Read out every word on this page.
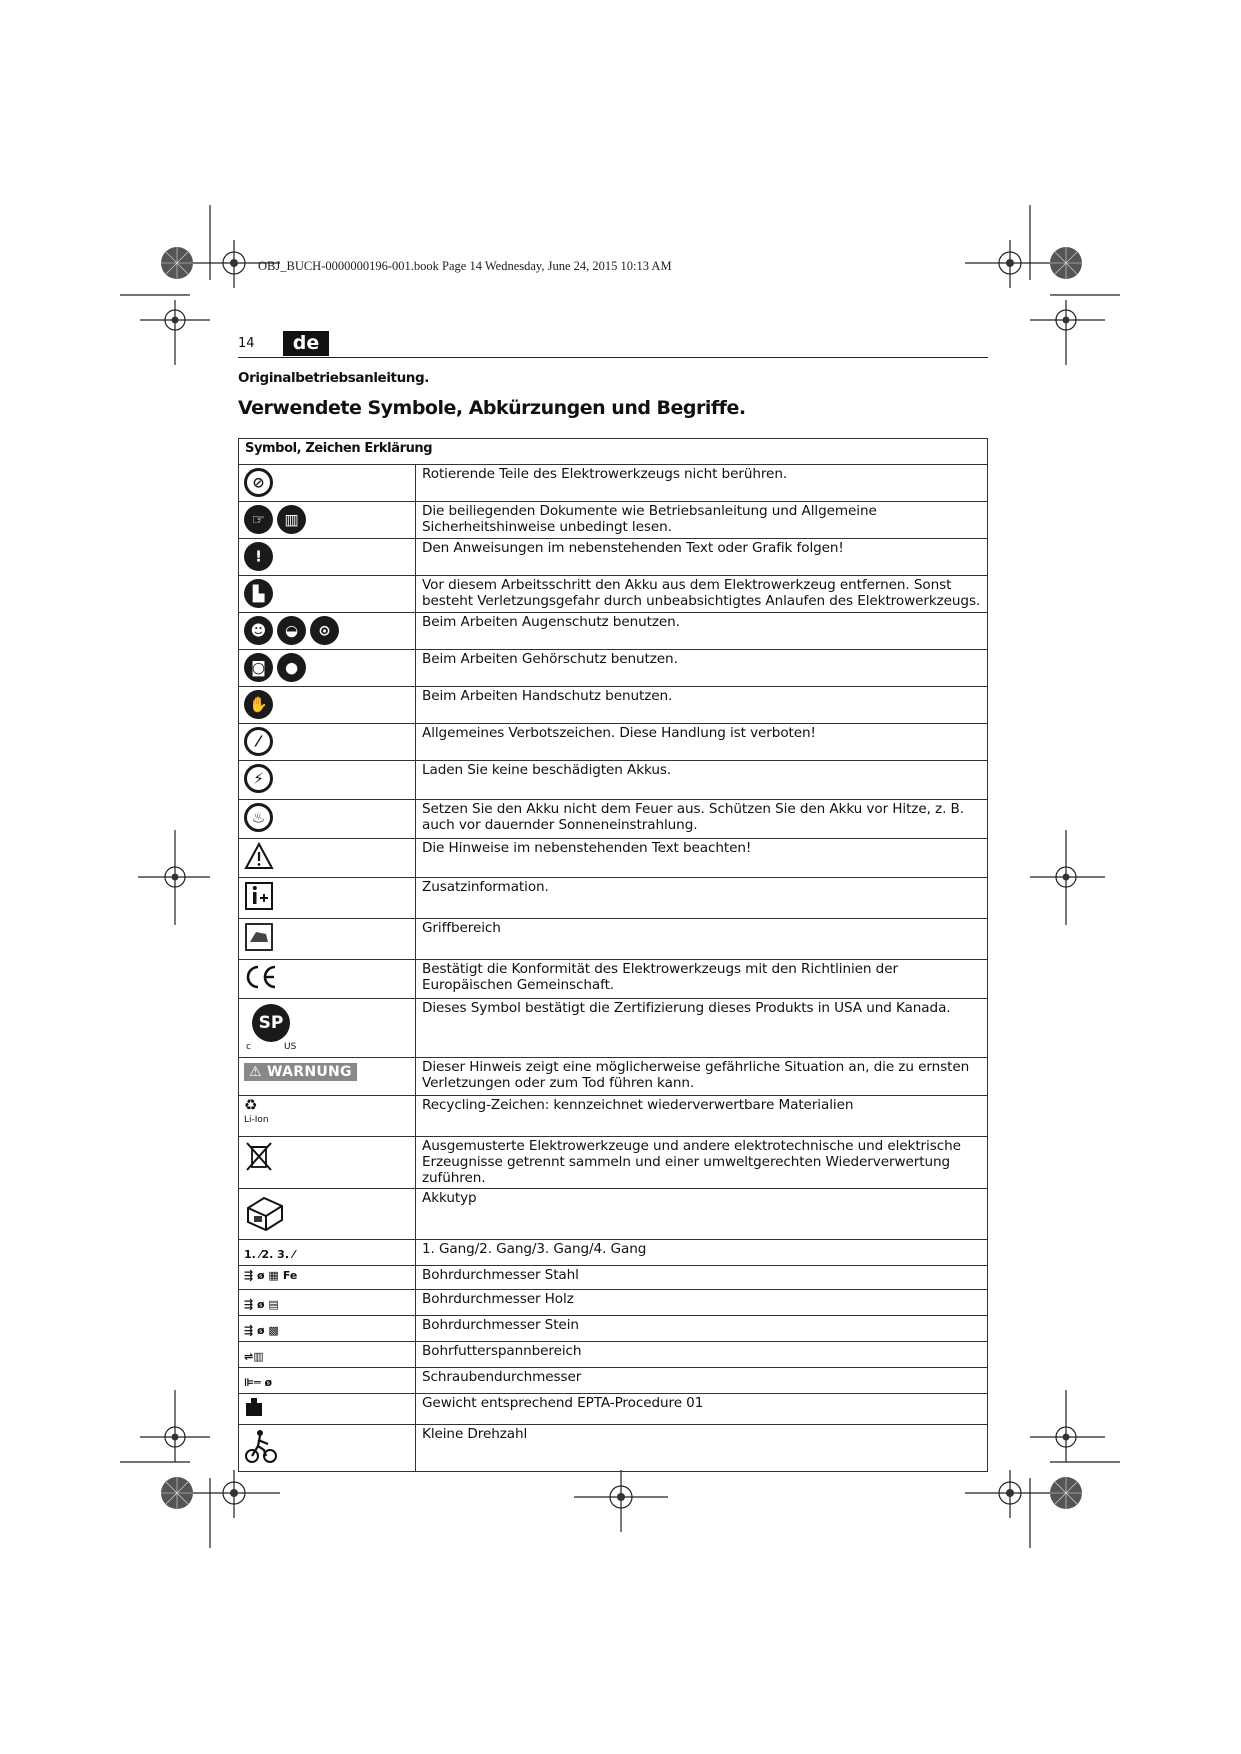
OBJ_BUCH-0000000196-001.book Page 14 Wednesday, June 24, 2015 10:13 AM
14	de
Originalbetriebsanleitung.
Verwendete Symbole, Abkürzungen und Begriffe.
Symbol, Zeichen Erklärung	

⊘	Rotierende Teile des Elektrowerkzeugs nicht berühren.

☞ ▥	Die beiliegenden Dokumente wie Betriebsanleitung und Allgemeine Sicherheitshinweise unbedingt lesen.

!	Den Anweisungen im nebenstehenden Text oder Grafik folgen!

▙	Vor diesem Arbeitsschritt den Akku aus dem Elektrowerkzeug entfernen. Sonst besteht Verletzungsgefahr durch unbeabsichtigtes Anlaufen des Elektrowerkzeugs.

☻ ◒ ⊙	Beim Arbeiten Augenschutz benutzen.

◙ ●	Beim Arbeiten Gehörschutz benutzen.

✋	Beim Arbeiten Handschutz benutzen.

⁄	Allgemeines Verbotszeichen. Diese Handlung ist verboten!

⚡	Laden Sie keine beschädigten Akkus.

♨	Setzen Sie den Akku nicht dem Feuer aus. Schützen Sie den Akku vor Hitze, z. B. auch vor dauernder Sonneneinstrahlung.
	Die Hinweise im nebenstehenden Text beachten!
	Zusatzinformation.
	Griffbereich
	Bestätigt die Konformität des Elektrowerkzeugs mit den Richtlinien der Europäischen Gemeinschaft.

SP
c US	Dieses Symbol bestätigt die Zertifizierung dieses Produkts in USA und Kanada.
⚠ WARNUNG	Dieser Hinweis zeigt eine möglicherweise gefährliche Situation an, die zu ernsten Verletzungen oder zum Tod führen kann.

♻
Li-Ion	Recycling-Zeichen: kennzeichnet wiederverwertbare Materialien
	Ausgemusterte Elektrowerkzeuge und andere elektrotechnische und elektrische Erzeugnisse getrennt sammeln und einer umweltgerechten Wiederverwertung zuführen.
	Akkutyp
1. ⁄2. 3. ⁄	1. Gang/2. Gang/3. Gang/4. Gang

⇶ ø ▦ Fe	Bohrdurchmesser Stahl
⇶ ø ▤	Bohrdurchmesser Holz
⇶ ø ▩	Bohrdurchmesser Stein
⇌▥	Bohrfutterspannbereich
⊫═ ø	Schraubendurchmesser
	Gewicht entsprechend EPTA-Procedure 01
	Kleine Drehzahl
